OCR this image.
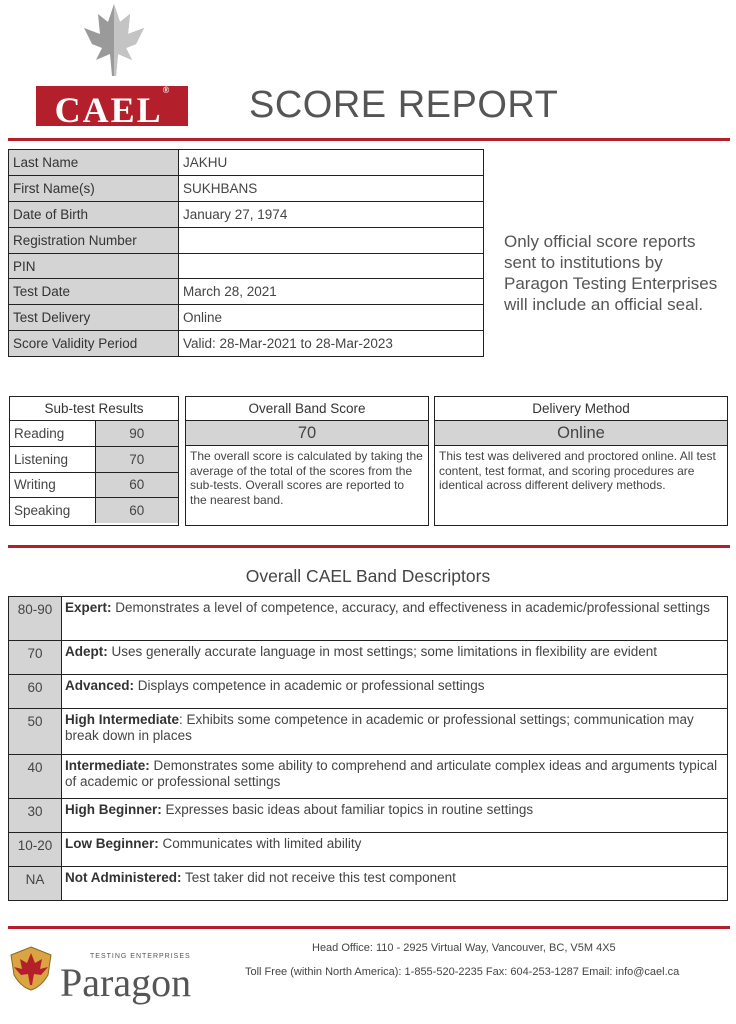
CAEL®	SCORE REPORT
Last Name	JAKHU
First Name(s)	SUKHBANS
Date of Birth	January 27, 1974
Registration Number	
PIN	
Test Date	March 28, 2021
Test Delivery	Online
Score Validity Period	Valid: 28-Mar-2021 to 28-Mar-2023
Only official score reports sent to institutions by Paragon Testing Enterprises will include an official seal.
Sub-test Results
Reading	90
Listening	70
Writing	60
Speaking	60
Overall Band Score
70
The overall score is calculated by taking the average of the total of the scores from the sub-tests. Overall scores are reported to the nearest band.
Delivery Method
Online
This test was delivered and proctored online. All test content, test format, and scoring procedures are identical across different delivery methods.
Overall CAEL Band Descriptors
80-90	Expert: Demonstrates a level of competence, accuracy, and effectiveness in academic/professional settings
70	Adept: Uses generally accurate language in most settings; some limitations in flexibility are evident
60	Advanced: Displays competence in academic or professional settings
50	High Intermediate: Exhibits some competence in academic or professional settings; communication may break down in places
40	Intermediate: Demonstrates some ability to comprehend and articulate complex ideas and arguments typical of academic or professional settings
30	High Beginner: Expresses basic ideas about familiar topics in routine settings
10-20	Low Beginner: Communicates with limited ability
NA	Not Administered: Test taker did not receive this test component
TESTING ENTERPRISES
Paragon
Head Office: 110 - 2925 Virtual Way, Vancouver, BC, V5M 4X5
Toll Free (within North America): 1-855-520-2235 Fax: 604-253-1287 Email: info@cael.ca
